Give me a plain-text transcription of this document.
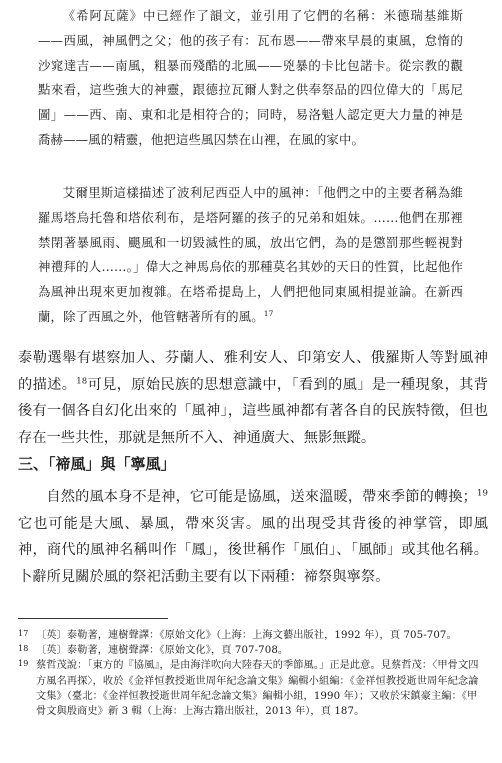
《希阿瓦薩》中已經作了韻文，並引用了它們的名稱：米德瑞基維斯——西風，神風們之父；他的孩子有：瓦布恩——帶來早晨的東風，怠惰的沙窕達吉——南風，粗暴而殘酷的北風——兇暴的卡比包諾卡。從宗教的觀點來看，這些強大的神靈，跟德拉瓦爾人對之供奉祭品的四位偉大的「馬尼圖」——西、南、東和北是相符合的；同時，易洛魁人認定更大力量的神是喬赫——風的精靈，他把這些風囚禁在山裡，在風的家中。

艾爾里斯這樣描述了波利尼西亞人中的風神：「他們之中的主要者稱為維羅馬塔烏托魯和塔依利布，是塔阿羅的孩子的兄弟和姐妹。……他們在那裡禁閉著暴風雨、颶風和一切毀滅性的風，放出它們，為的是懲罰那些輕視對神禮拜的人……。」偉大之神馬烏依的那種莫名其妙的天日的性質，比起他作為風神出現來更加複雜。在塔希提島上，人們把他同東風相提並論。在新西蘭，除了西風之外，他管轄著所有的風。$^{17}$

泰勒選舉有堪察加人、芬蘭人、雅利安人、印第安人、俄羅斯人等對風神的描述。$^{18}$可見，原始民族的思想意識中，「看到的風」是一種現象，其背後有一個各自幻化出來的「風神」，這些風神都有著各自的民族特徵，但也存在一些共性，那就是無所不入、神通廣大、無影無蹤。

三、「禘風」與「寧風」

自然的風本身不是神，它可能是協風，送來溫暖，帶來季節的轉換；$^{19}$它也可能是大風、暴風，帶來災害。風的出現受其背後的神掌管，即風神，商代的風神名稱叫作「鳳」，後世稱作「風伯」、「風師」或其他名稱。卜辭所見關於風的祭祀活動主要有以下兩種：禘祭與寧祭。

17 〔英〕泰勒著，連樹聲譯：《原始文化》（上海：上海文藝出版社，1992 年），頁 705-707。
18 〔英〕泰勒著，連樹聲譯：《原始文化》，頁 707-708。
19 蔡哲茂說：「東方的『協風』，是由海洋吹向大陸春天的季節風。」正是此意。見蔡哲茂：〈甲骨文四方風名再探〉，收於《金祥恒教授逝世周年紀念論文集》編輯小組編：《金祥恒教授逝世周年紀念論文集》（臺北：《金祥恒教授逝世周年紀念論文集》編輯小組，1990 年）；又收於宋鎮豪主編：《甲骨文與殷商史》新 3 輯（上海：上海古籍出版社，2013 年），頁 187。
